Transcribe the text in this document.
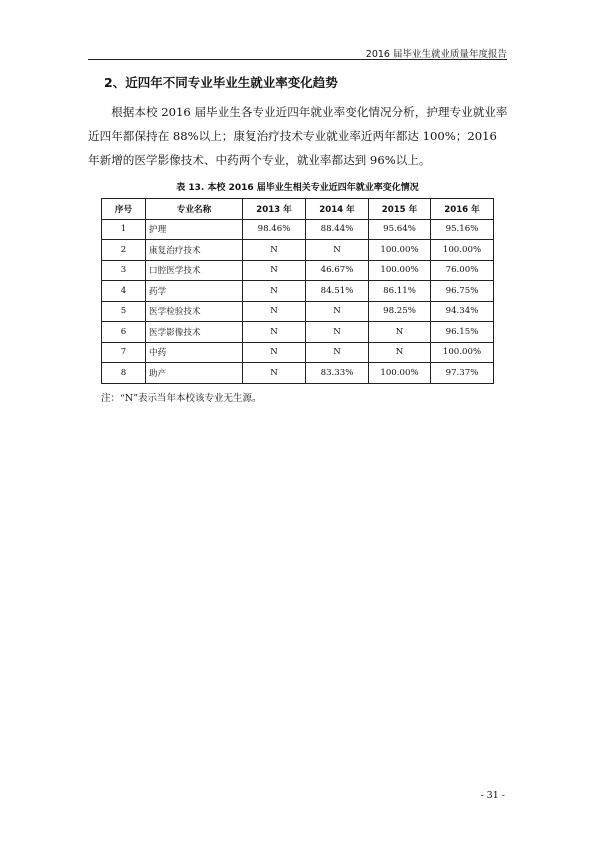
2016 届毕业生就业质量年度报告
2、近四年不同专业毕业生就业率变化趋势

根据本校 2016 届毕业生各专业近四年就业率变化情况分析，护理专业就业率近四年都保持在 88%以上；康复治疗技术专业就业率近两年都达 100%；2016 年新增的医学影像技术、中药两个专业，就业率都达到 96%以上。

表 13. 本校 2016 届毕业生相关专业近四年就业率变化情况
序号	专业名称	2013 年	2014 年	2015 年	2016 年
1	护理	98.46%	88.44%	95.64%	95.16%
2	康复治疗技术	N	N	100.00%	100.00%
3	口腔医学技术	N	46.67%	100.00%	76.00%
4	药学	N	84.51%	86.11%	96.75%
5	医学检验技术	N	N	98.25%	94.34%
6	医学影像技术	N	N	N	96.15%
7	中药	N	N	N	100.00%
8	助产	N	83.33%	100.00%	97.37%
注：“N”表示当年本校该专业无生源。
- 31 -
